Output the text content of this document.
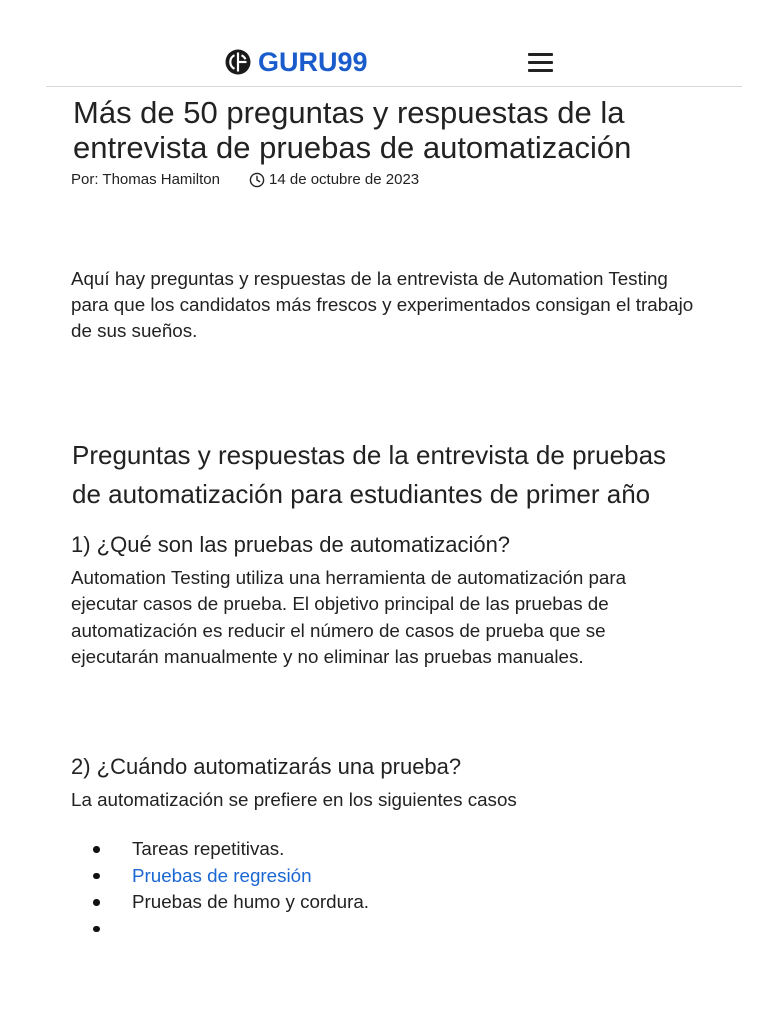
GURU99
Más de 50 preguntas y respuestas de la
entrevista de pruebas de automatización
Por: Thomas Hamilton	14 de octubre de 2023

Aquí hay preguntas y respuestas de la entrevista de Automation Testing
para que los candidatos más frescos y experimentados consigan el trabajo
de sus sueños.

Preguntas y respuestas de la entrevista de pruebas
de automatización para estudiantes de primer año
1) ¿Qué son las pruebas de automatización?

Automation Testing utiliza una herramienta de automatización para
ejecutar casos de prueba. El objetivo principal de las pruebas de
automatización es reducir el número de casos de prueba que se
ejecutarán manualmente y no eliminar las pruebas manuales.

2) ¿Cuándo automatizarás una prueba?

La automatización se prefiere en los siguientes casos

Tareas repetitivas.
Pruebas de regresión
Pruebas de humo y cordura.
